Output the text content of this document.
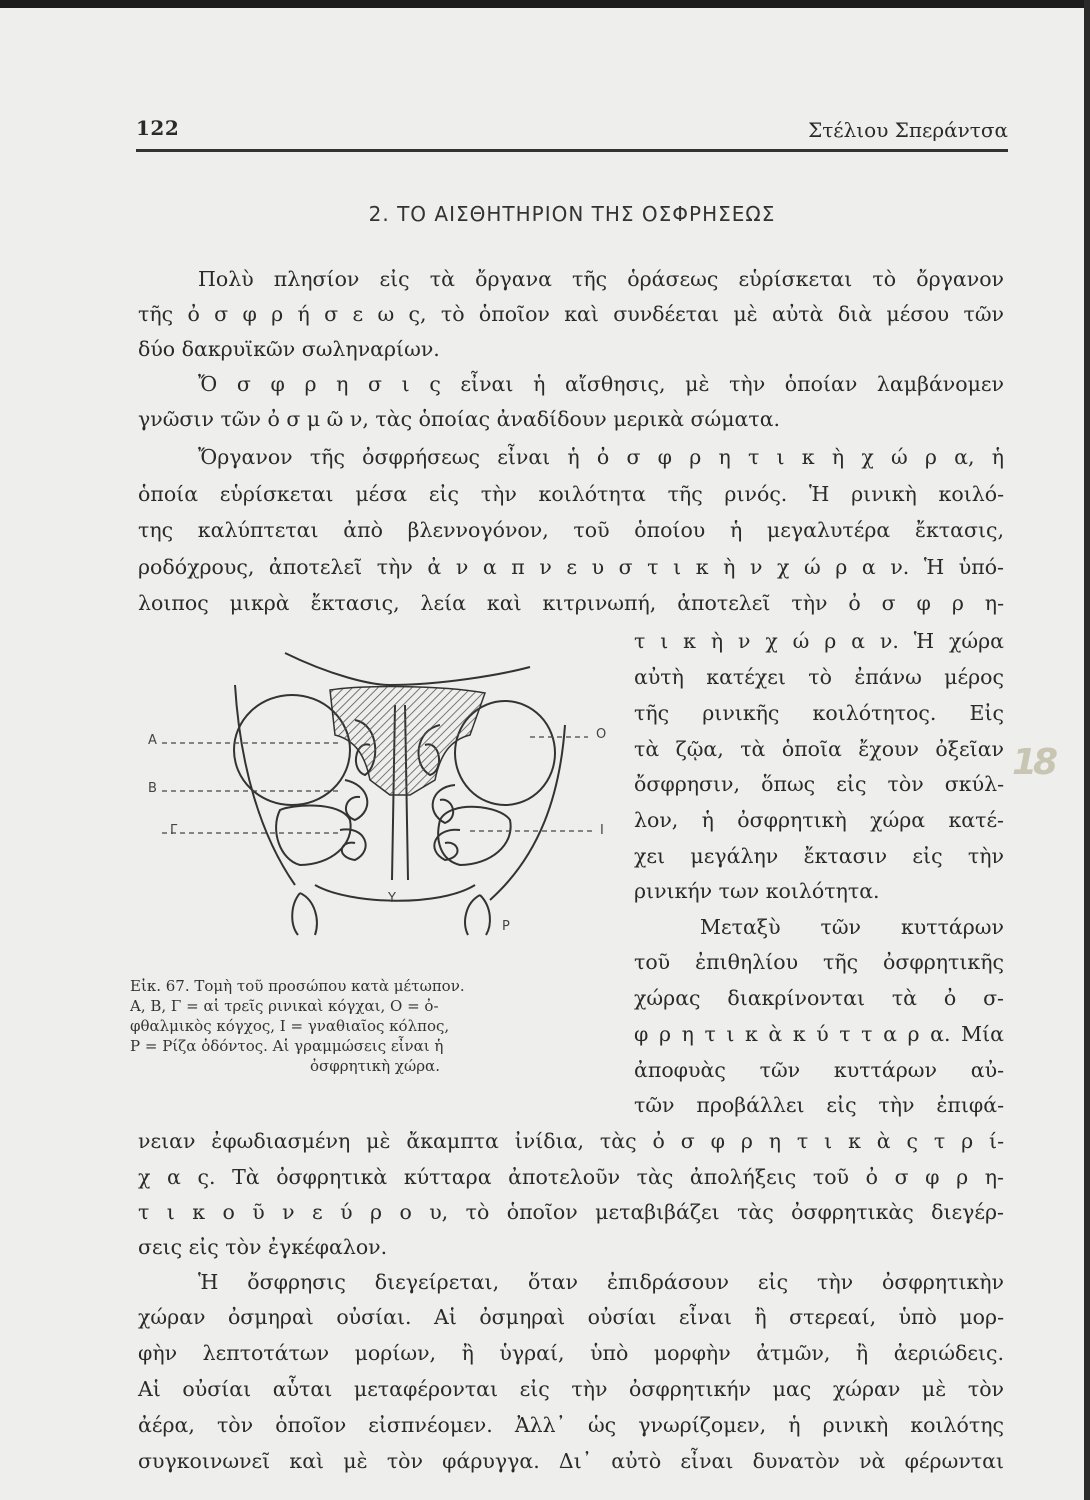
122	Στέλιου Σπεράντσα
2. ΤΟ ΑΙΣΘΗΤΗΡΙΟΝ ΤΗΣ ΟΣΦΡΗΣΕΩΣ
Πολὺ πλησίον εἰς τὰ ὄργανα τῆς ὁράσεως εὑρίσκεται τὸ ὄργανον
τῆς ὀ σ φ ρ ή σ ε ω ς, τὸ ὁποῖον καὶ συνδέεται μὲ αὐτὰ διὰ μέσου τῶν
δύο δακρυϊκῶν σωληναρίων.
Ὄ σ φ ρ η σ ι ς εἶναι ἡ αἴσθησις, μὲ τὴν ὁποίαν λαμβάνομεν
γνῶσιν τῶν ὀ σ μ ῶ ν, τὰς ὁποίας ἀναδίδουν μερικὰ σώματα.
Ὄργανον τῆς ὀσφρήσεως εἶναι ἡ ὀ σ φ ρ η τ ι κ ὴ χ ώ ρ α, ἡ
ὁποία εὑρίσκεται μέσα εἰς τὴν κοιλότητα τῆς ρινός. Ἡ ρινικὴ κοιλό-
της καλύπτεται ἀπὸ βλεννογόνον, τοῦ ὁποίου ἡ μεγαλυτέρα ἔκτασις,
ροδόχρους, ἀποτελεῖ τὴν ἀ ν α π ν ε υ σ τ ι κ ὴ ν χ ώ ρ α ν. Ἡ ὑπό-
λοιπος μικρὰ ἔκτασις, λεία καὶ κιτρινωπή, ἀποτελεῖ τὴν ὀ σ φ ρ η-
τ ι κ ὴ ν χ ώ ρ α ν. Ἡ χώρα
αὐτὴ κατέχει τὸ ἐπάνω μέρος
τῆς ρινικῆς κοιλότητος. Εἰς
τὰ ζῷα, τὰ ὁποῖα ἔχουν ὀξεῖαν
ὄσφρησιν, ὅπως εἰς τὸν σκύλ-
λον, ἡ ὀσφρητικὴ χώρα κατέ-
χει μεγάλην ἔκτασιν εἰς τὴν
ρινικήν των κοιλότητα.
Μεταξὺ τῶν κυττάρων
τοῦ ἐπιθηλίου τῆς ὀσφρητικῆς
χώρας διακρίνονται τὰ ὀ σ-
φ ρ η τ ι κ ὰ κ ύ τ τ α ρ α. Μία
ἀποφυὰς τῶν κυττάρων αὐ-
τῶν προβάλλει εἰς τὴν ἐπιφά-
Α
Β
Γ
Ο
Ι
Υ
Ρ
Εἰκ. 67. Τομὴ τοῦ προσώπου κατὰ μέτωπον.
Α, Β, Γ = αἱ τρεῖς ρινικαὶ κόγχαι, Ο = ὀ-
φθαλμικὸς κόγχος, Ι = γναθιαῖος κόλπος,
Ρ = Ρίζα ὀδόντος. Αἱ γραμμώσεις εἶναι ἡ
ὀσφρητικὴ χώρα.
νειαν ἐφωδιασμένη μὲ ἄκαμπτα ἰνίδια, τὰς ὀ σ φ ρ η τ ι κ ὰ ς τ ρ ί-
χ α ς. Τὰ ὀσφρητικὰ κύτταρα ἀποτελοῦν τὰς ἀπολήξεις τοῦ ὀ σ φ ρ η-
τ ι κ ο ῦ ν ε ύ ρ ο υ, τὸ ὁποῖον μεταβιβάζει τὰς ὀσφρητικὰς διεγέρ-
σεις εἰς τὸν ἐγκέφαλον.
Ἡ ὄσφρησις διεγείρεται, ὅταν ἐπιδράσουν εἰς τὴν ὀσφρητικὴν
χώραν ὀσμηραὶ οὐσίαι. Αἱ ὀσμηραὶ οὐσίαι εἶναι ἢ στερεαί, ὑπὸ μορ-
φὴν λεπτοτάτων μορίων, ἢ ὑγραί, ὑπὸ μορφὴν ἀτμῶν, ἢ ἀεριώδεις.
Αἱ οὐσίαι αὗται μεταφέρονται εἰς τὴν ὀσφρητικήν μας χώραν μὲ τὸν
ἀέρα, τὸν ὁποῖον εἰσπνέομεν. Ἀλλ᾽ ὡς γνωρίζομεν, ἡ ρινικὴ κοιλότης
συγκοινωνεῖ καὶ μὲ τὸν φάρυγγα. Δι᾽ αὐτὸ εἶναι δυνατὸν νὰ φέρωνται
18
